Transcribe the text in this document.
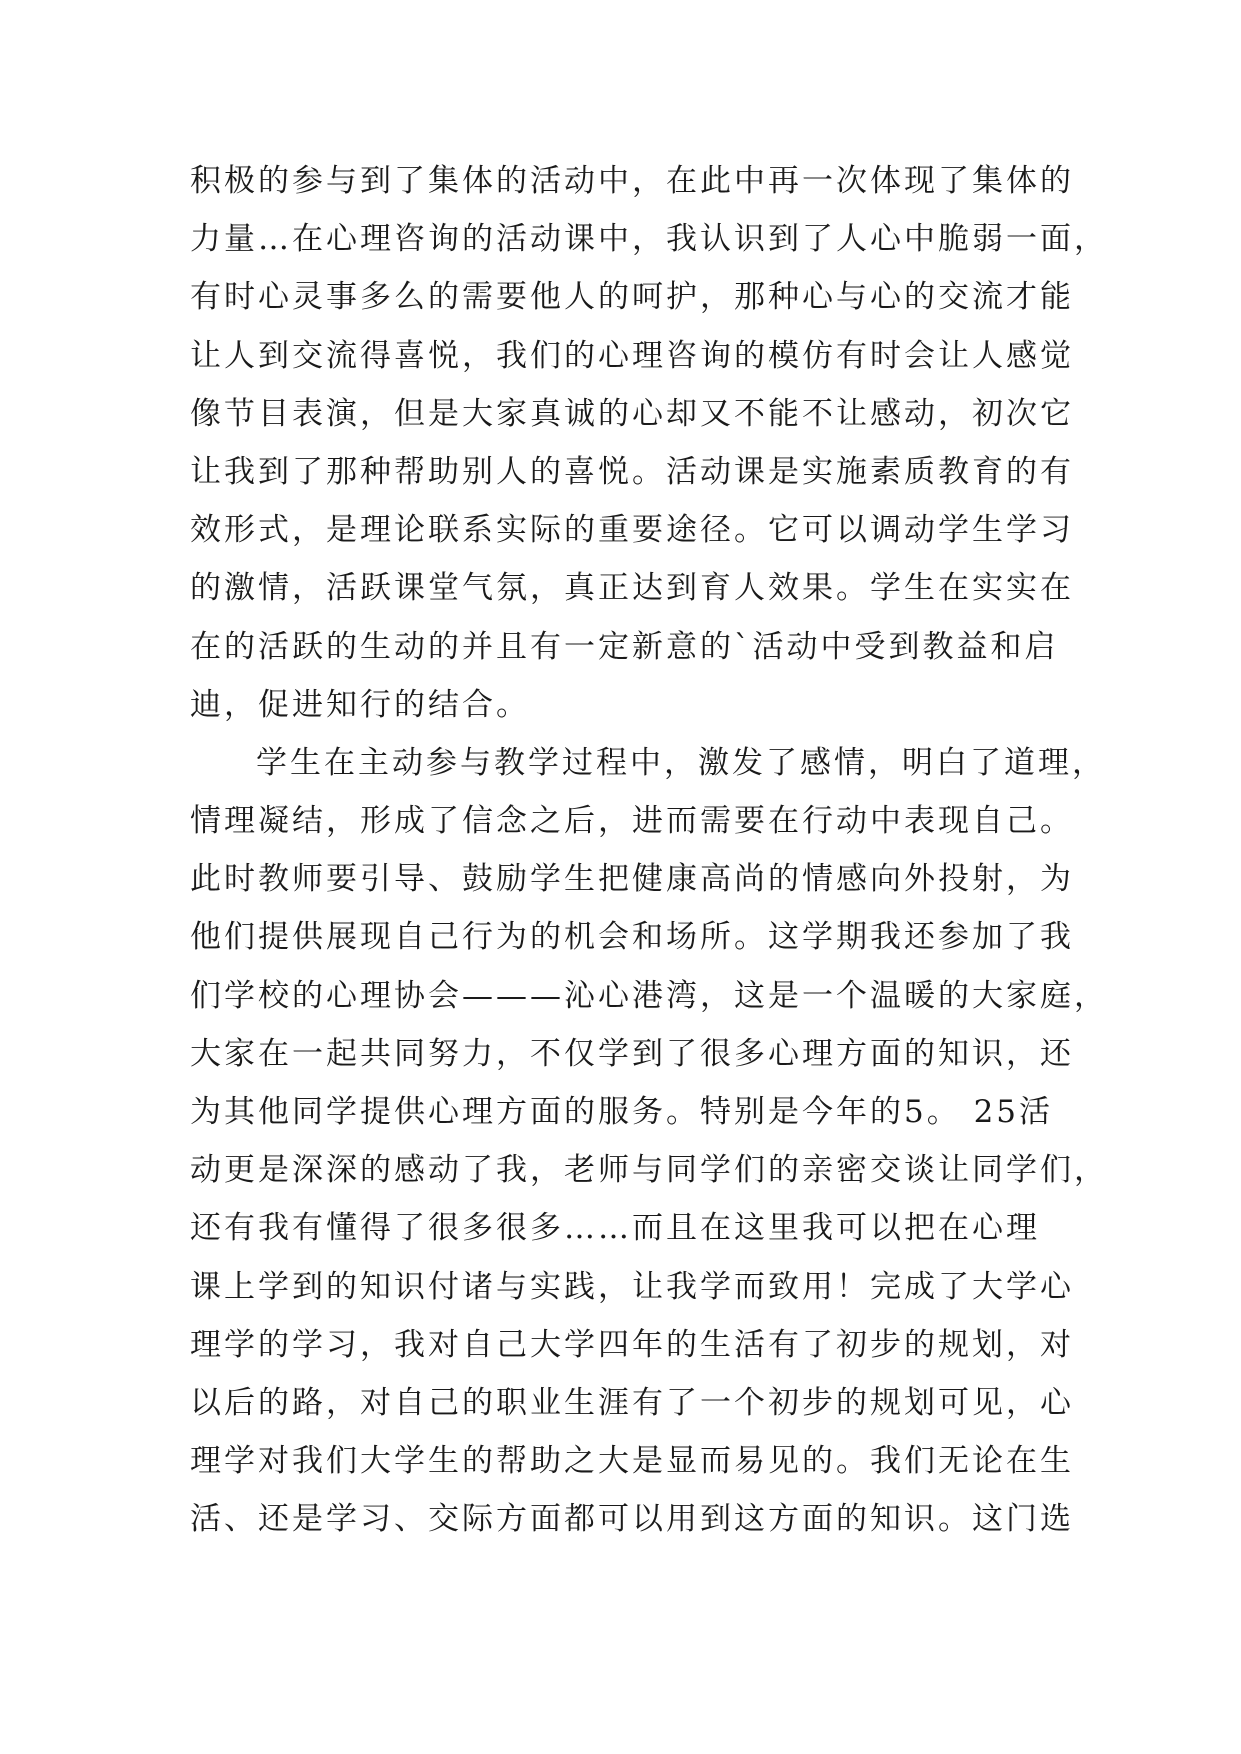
积极的参与到了集体的活动中，在此中再一次体现了集体的
力量…在心理咨询的活动课中，我认识到了人心中脆弱一面，
有时心灵事多么的需要他人的呵护，那种心与心的交流才能
让人到交流得喜悦，我们的心理咨询的模仿有时会让人感觉
像节目表演，但是大家真诚的心却又不能不让感动，初次它
让我到了那种帮助别人的喜悦。活动课是实施素质教育的有
效形式，是理论联系实际的重要途径。它可以调动学生学习
的激情，活跃课堂气氛，真正达到育人效果。学生在实实在
在的活跃的生动的并且有一定新意的`活动中受到教益和启
迪，促进知行的结合。
学生在主动参与教学过程中，激发了感情，明白了道理，
情理凝结，形成了信念之后，进而需要在行动中表现自己。
此时教师要引导、鼓励学生把健康高尚的情感向外投射，为
他们提供展现自己行为的机会和场所。这学期我还参加了我
们学校的心理协会———沁心港湾，这是一个温暖的大家庭，
大家在一起共同努力，不仅学到了很多心理方面的知识，还
为其他同学提供心理方面的服务。特别是今年的5。 25活
动更是深深的感动了我，老师与同学们的亲密交谈让同学们，
还有我有懂得了很多很多……而且在这里我可以把在心理
课上学到的知识付诸与实践，让我学而致用！完成了大学心
理学的学习，我对自己大学四年的生活有了初步的规划，对
以后的路，对自己的职业生涯有了一个初步的规划可见，心
理学对我们大学生的帮助之大是显而易见的。我们无论在生
活、还是学习、交际方面都可以用到这方面的知识。这门选
